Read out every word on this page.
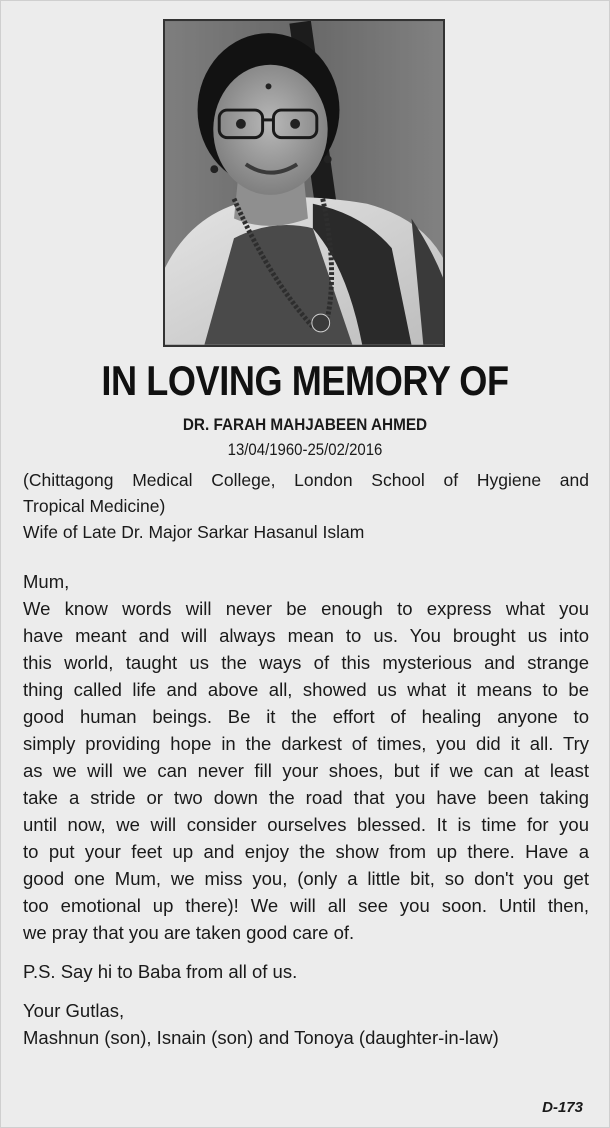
IN LOVING MEMORY OF
DR. FARAH MAHJABEEN AHMED
13/04/1960-25/02/2016
(Chittagong Medical College, London School of Hygiene and
Tropical Medicine)
Wife of Late Dr. Major Sarkar Hasanul Islam
Mum,
We know words will never be enough to express what you
have meant and will always mean to us. You brought us into
this world, taught us the ways of this mysterious and strange
thing called life and above all, showed us what it means to be
good human beings. Be it the effort of healing anyone to
simply providing hope in the darkest of times, you did it all. Try
as we will we can never fill your shoes, but if we can at least
take a stride or two down the road that you have been taking
until now, we will consider ourselves blessed. It is time for you
to put your feet up and enjoy the show from up there. Have a
good one Mum, we miss you, (only a little bit, so don't you get
too emotional up there)! We will all see you soon. Until then,
we pray that you are taken good care of.
P.S. Say hi to Baba from all of us.
Your Gutlas,
Mashnun (son), Isnain (son) and Tonoya (daughter-in-law)
D-173
